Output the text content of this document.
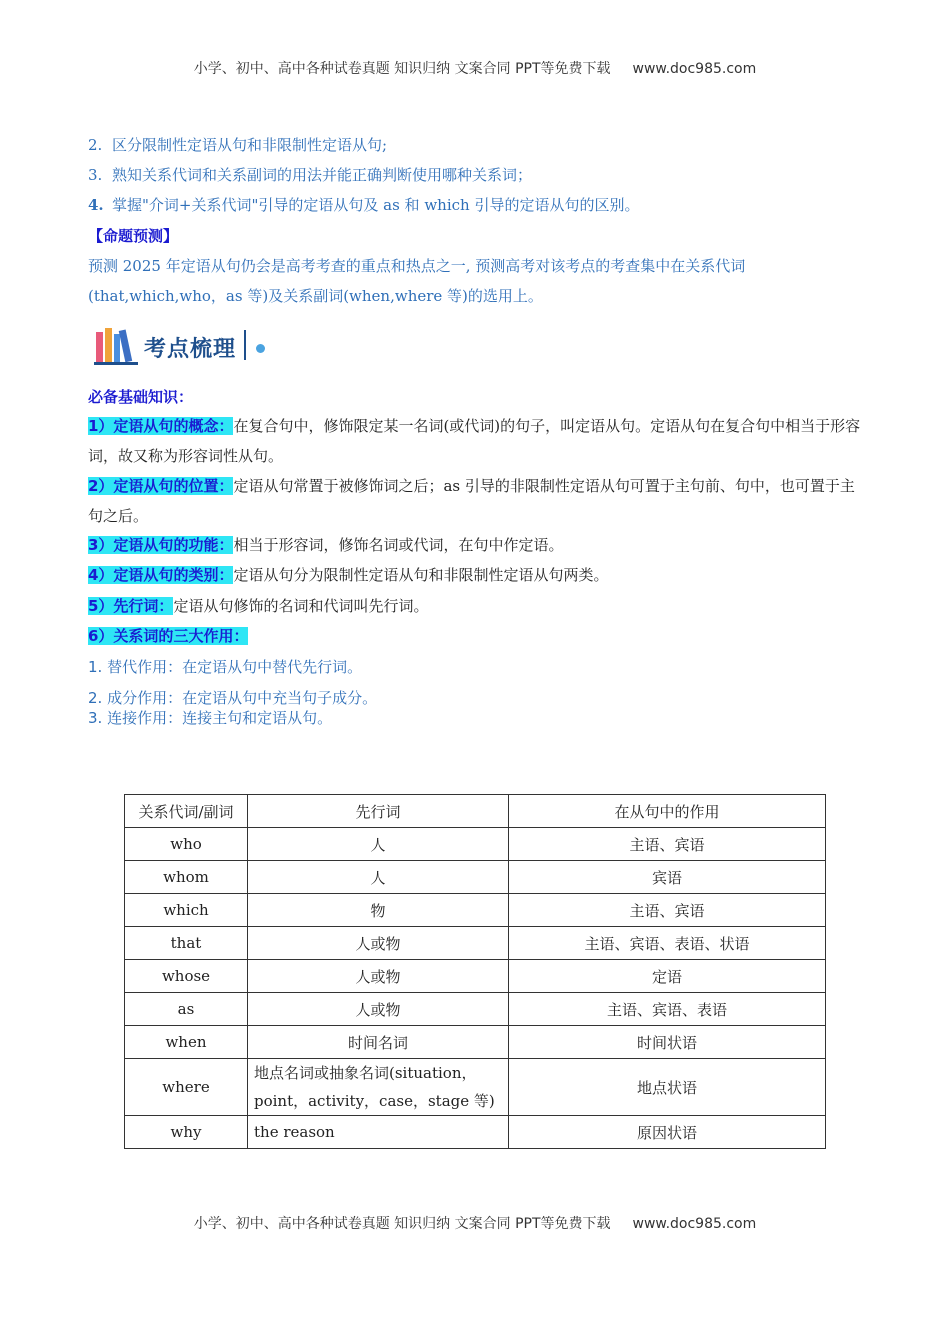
小学、初中、高中各种试卷真题 知识归纳 文案合同 PPT等免费下载 www.doc985.com
2. 区分限制性定语从句和非限制性定语从句;
3. 熟知关系代词和关系副词的用法并能正确判断使用哪种关系词；
4. 掌握"介词+关系代词"引导的定语从句及 as 和 which 引导的定语从句的区别。
【命题预测】
预测 2025 年定语从句仍会是高考考查的重点和热点之一, 预测高考对该考点的考查集中在关系代词
(that,which,who，as 等)及关系副词(when,where 等)的选用上。
考点梳理
必备基础知识：
1）定语从句的概念：在复合句中，修饰限定某一名词(或代词)的句子，叫定语从句。定语从句在复合句中相当于形容词，故又称为形容词性从句。
2）定语从句的位置：定语从句常置于被修饰词之后；as 引导的非限制性定语从句可置于主句前、句中，也可置于主句之后。
3）定语从句的功能：相当于形容词，修饰名词或代词，在句中作定语。
4）定语从句的类别：定语从句分为限制性定语从句和非限制性定语从句两类。
5）先行词：定语从句修饰的名词和代词叫先行词。
6）关系词的三大作用：
1. 替代作用：在定语从句中替代先行词。
2. 成分作用：在定语从句中充当句子成分。
3. 连接作用：连接主句和定语从句。
关系代词/副词	先行词	在从句中的作用
who	人	主语、宾语
whom	人	宾语
which	物	主语、宾语
that	人或物	主语、宾语、表语、状语
whose	人或物	定语
as	人或物	主语、宾语、表语
when	时间名词	时间状语
where	地点名词或抽象名词(situation，
point，activity，case，stage 等)	地点状语
why	the reason	原因状语
小学、初中、高中各种试卷真题 知识归纳 文案合同 PPT等免费下载 www.doc985.com
